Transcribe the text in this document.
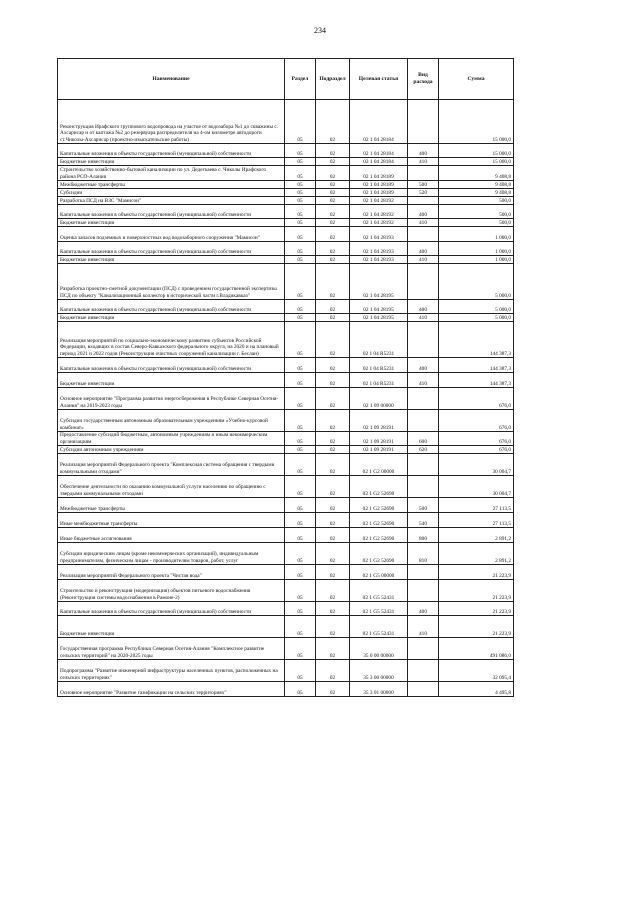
234
Наименование	Раздел	Подраздел	Целевая статья	Вид расхода	Сумма
Реконструкция Ирафского группового водопровода на участке от водозабора №1 до скважины с. Ахсарисар и от каптажа №2 до резервуара распределителя на 4-ом километре автодороги ст.Чиколы-Ахсарисар (проектно-изыскательские работы)	05	02	02 1 04 28184		15 000,0
Капитальные вложения в объекты государственной (муниципальной) собственности	05	02	02 1 04 28184	400	15 000,0
Бюджетные инвестиции	05	02	02 1 04 28184	410	15 000,0
Строительство хозяйственно-бытовой канализации по ул. Дедегкаева с. Чиколы Ирафского района РСО-Алания	05	02	02 1 04 28189		9 408,8
Межбюджетные трансферты	05	02	02 1 04 28189	500	9 408,8
Субсидии	05	02	02 1 04 28189	520	9 408,8
Разработка ПСД на ВЗС "Мамисон"	05	02	02 1 04 28192		500,0
Капитальные вложения в объекты государственной (муниципальной) собственности	05	02	02 1 04 28192	400	500,0
Бюджетные инвестиции	05	02	02 1 04 28192	410	500,0
Оценка запасов подземных и поверхностных вод водозаборного сооружения "Мамисон"	05	02	02 1 04 28193		1 000,0
Капитальные вложения в объекты государственной (муниципальной) собственности	05	02	02 1 04 28193	400	1 000,0
Бюджетные инвестиции	05	02	02 1 04 28193	410	1 000,0
Разработка проектно-сметной документации (ПСД) с проведением государственной экспертизы ПСД по объекту "Канализационный коллектор в исторической части г.Владикавказ"	05	02	02 1 04 28195		5 000,0
Капитальные вложения в объекты государственной (муниципальной) собственности	05	02	02 1 04 28195	400	5 000,0
Бюджетные инвестиции	05	02	02 1 04 28195	410	5 000,0
Реализация мероприятий по социально-экономическому развитию субъектов Российской Федерации, входящих в состав Северо-Кавказского федерального округа, на 2020 и на плановый период 2021 и 2022 годов (Реконструкция очистных сооружений канализации г. Беслан)	05	02	02 1 04 R5231		144 387,3
Капитальные вложения в объекты государственной (муниципальной) собственности	05	02	02 1 04 R5231	400	144 387,3
Бюджетные инвестиции	05	02	02 1 04 R5231	410	144 387,3
Основное мероприятие "Программа развития энергосбережения в Республике Северная Осетия-Алания" на 2019-2023 годы	05	02	02 1 09 00000		676,0
Субсидии государственным автономным образовательным учреждениям «Учебно-курсовой комбинат»	05	02	02 1 09 28191		676,0
Предоставление субсидий бюджетным, автономным учреждениям и иным некоммерческим организациям	05	02	02 1 09 28191	600	676,0
Субсидии автономным учреждениям	05	02	02 1 09 28191	620	676,0
Реализация мероприятий Федерального проекта "Комплексная система обращения с твердыми коммунальными отходами"	05	02	02 1 G2 00000		30 004,7
Обеспечение деятельности по оказанию коммунальной услуги населению по обращению с твердыми коммунальными отходами	05	02	02 1 G2 52690		30 004,7
Межбюджетные трансферты	05	02	02 1 G2 52690	500	27 113,5
Иные межбюджетные трансферты	05	02	02 1 G2 52690	540	27 113,5
Иные бюджетные ассигнования	05	02	02 1 G2 52690	800	2 891,2
Субсидии юридическим лицам (кроме некоммерческих организаций), индивидуальным предпринимателям, физическим лицам - производителям товаров, работ, услуг	05	02	02 1 G2 52690	810	2 891,2
Реализация мероприятий Федерального проекта "Чистая вода"	05	02	02 1 G5 00000		21 223,9
Строительство и реконструкция (модернизация) объектов питьевого водоснабжения (Реконструкция системы водоснабжения в Рамоне-2)	05	02	02 1 G5 52431		21 223,9
Капитальные вложения в объекты государственной (муниципальной) собственности	05	02	02 1 G5 52431	400	21 223,9
Бюджетные инвестиции	05	02	02 1 G5 52431	410	21 223,9
Государственная программа Республики Северная Осетия-Алания "Комплексное развитие сельских территорий" на 2020-2025 годы	05	02	35 0 00 00000		491 086,0
Подпрограмма "Развитие инженерной инфраструктуры населенных пунктов, расположенных на сельских территориях"	05	02	35 3 00 00000		32 095,4
Основное мероприятие "Развитие газификации на сельских территориях"	05	02	35 3 01 00000		4 495,8
